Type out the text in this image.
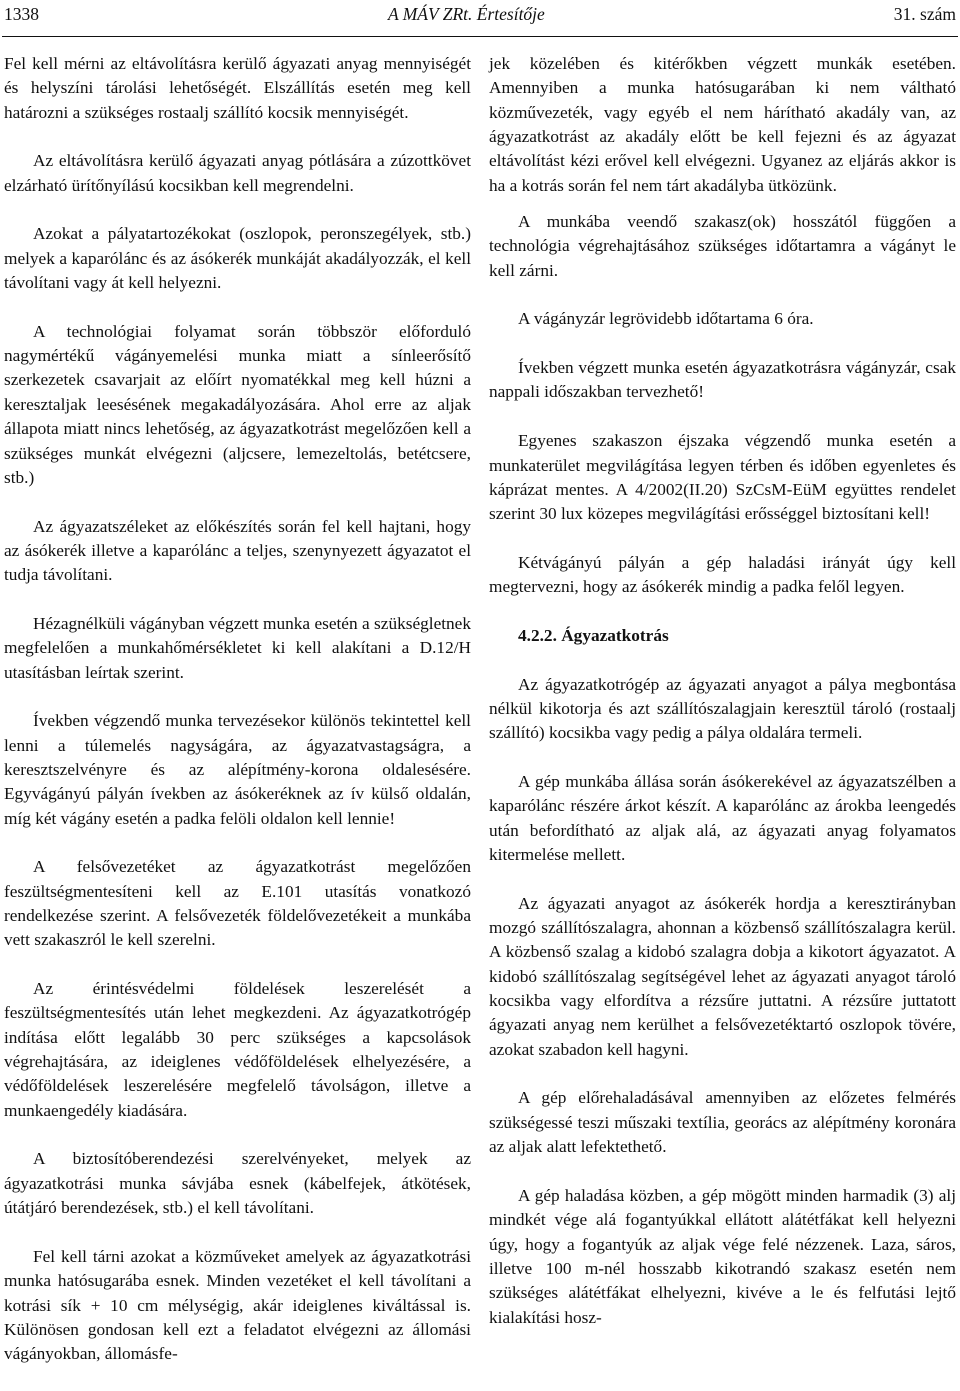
1338	A MÁV ZRt. Értesítője	31. szám

Fel kell mérni az eltávolításra kerülő ágyazati anyag mennyiségét és helyszíni tárolási lehetőségét. Elszállítás esetén meg kell határozni a szükséges rostaalj szállító kocsik mennyiségét.

Az eltávolításra kerülő ágyazati anyag pótlására a zúzottkövet elzárható ürítőnyílású kocsikban kell megrendelni.

Azokat a pályatartozékokat (oszlopok, peronszegélyek, stb.) melyek a kaparólánc és az ásókerék munkáját akadályozzák, el kell távolítani vagy át kell helyezni.

A technológiai folyamat során többször előforduló nagymértékű vágányemelési munka miatt a sínleerősítő szerkezetek csavarjait az előírt nyomatékkal meg kell húzni a keresztaljak leesésének megakadályozására. Ahol erre az aljak állapota miatt nincs lehetőség, az ágyazatkotrást megelőzően kell a szükséges munkát elvégezni (aljcsere, lemezeltolás, betétcsere, stb.)

Az ágyazatszéleket az előkészítés során fel kell hajtani, hogy az ásókerék illetve a kaparólánc a teljes, szenynyezett ágyazatot el tudja távolítani.

Hézagnélküli vágányban végzett munka esetén a szükségletnek megfelelően a munkahőmérsékletet ki kell alakítani a D.12/H utasításban leírtak szerint.

Ívekben végzendő munka tervezésekor különös tekintettel kell lenni a túlemelés nagyságára, az ágyazatvastagságra, a keresztszelvényre és az alépítmény-korona oldalesésére. Egyvágányú pályán ívekben az ásókeréknek az ív külső oldalán, míg két vágány esetén a padka felöli oldalon kell lennie!

A felsővezetéket az ágyazatkotrást megelőzően feszültségmentesíteni kell az E.101 utasítás vonatkozó rendelkezése szerint. A felsővezeték földelővezetékeit a munkába vett szakaszról le kell szerelni.

Az érintésvédelmi földelések leszerelését a feszültségmentesítés után lehet megkezdeni. Az ágyazatkotrógép indítása előtt legalább 30 perc szükséges a kapcsolások végrehajtására, az ideiglenes védőföldelések elhelyezésére, a védőföldelések leszerelésére megfelelő távolságon, illetve a munkaengedély kiadására.

A biztosítóberendezési szerelvényeket, melyek az ágyazatkotrási munka sávjába esnek (kábelfejek, átkötések, útátjáró berendezések, stb.) el kell távolítani.

Fel kell tárni azokat a közműveket amelyek az ágyazatkotrási munka hatósugarába esnek. Minden vezetéket el kell távolítani a kotrási sík + 10 cm mélységig, akár ideiglenes kiváltással is. Különösen gondosan kell ezt a feladatot elvégezni az állomási vágányokban, állomásfe-

jek közelében és kitérőkben végzett munkák esetében. Amennyiben a munka hatósugarában ki nem váltható közművezeték, vagy egyéb el nem hárítható akadály van, az ágyazatkotrást az akadály előtt be kell fejezni és az ágyazat eltávolítást kézi erővel kell elvégezni. Ugyanez az eljárás akkor is ha a kotrás során fel nem tárt akadályba ütközünk.

A munkába veendő szakasz(ok) hosszától függően a technológia végrehajtásához szükséges időtartamra a vágányt le kell zárni.

A vágányzár legrövidebb időtartama 6 óra.

Ívekben végzett munka esetén ágyazatkotrásra vágányzár, csak nappali időszakban tervezhető!

Egyenes szakaszon éjszaka végzendő munka esetén a munkaterület megvilágítása legyen térben és időben egyenletes és káprázat mentes. A 4/2002(II.20) SzCsM-EüM együttes rendelet szerint 30 lux közepes megvilágítási erősséggel biztosítani kell!

Kétvágányú pályán a gép haladási irányát úgy kell megtervezni, hogy az ásókerék mindig a padka felől legyen.

4.2.2. Ágyazatkotrás

Az ágyazatkotrógép az ágyazati anyagot a pálya megbontása nélkül kikotorja és azt szállítószalagjain keresztül tároló (rostaalj szállító) kocsikba vagy pedig a pálya oldalára termeli.

A gép munkába állása során ásókerekével az ágyazatszélben a kaparólánc részére árkot készít. A kaparólánc az árokba leengedés után befordítható az aljak alá, az ágyazati anyag folyamatos kitermelése mellett.

Az ágyazati anyagot az ásókerék hordja a keresztirányban mozgó szállítószalagra, ahonnan a közbenső szállítószalagra kerül. A közbenső szalag a kidobó szalagra dobja a kikotort ágyazatot. A kidobó szállítószalag segítségével lehet az ágyazati anyagot tároló kocsikba vagy elfordítva a rézsűre juttatni. A rézsűre juttatott ágyazati anyag nem kerülhet a felsővezetéktartó oszlopok tövére, azokat szabadon kell hagyni.

A gép előrehaladásával amennyiben az előzetes felmérés szükségessé teszi műszaki textília, georács az alépítmény koronára az aljak alatt lefektethető.

A gép haladása közben, a gép mögött minden harmadik (3) alj mindkét vége alá fogantyúkkal ellátott alátétfákat kell helyezni úgy, hogy a fogantyúk az aljak vége felé nézzenek. Laza, sáros, illetve 100 m-nél hosszabb kikotrandó szakasz esetén nem szükséges alátétfákat elhelyezni, kivéve a le és felfutási lejtő kialakítási hosz-
